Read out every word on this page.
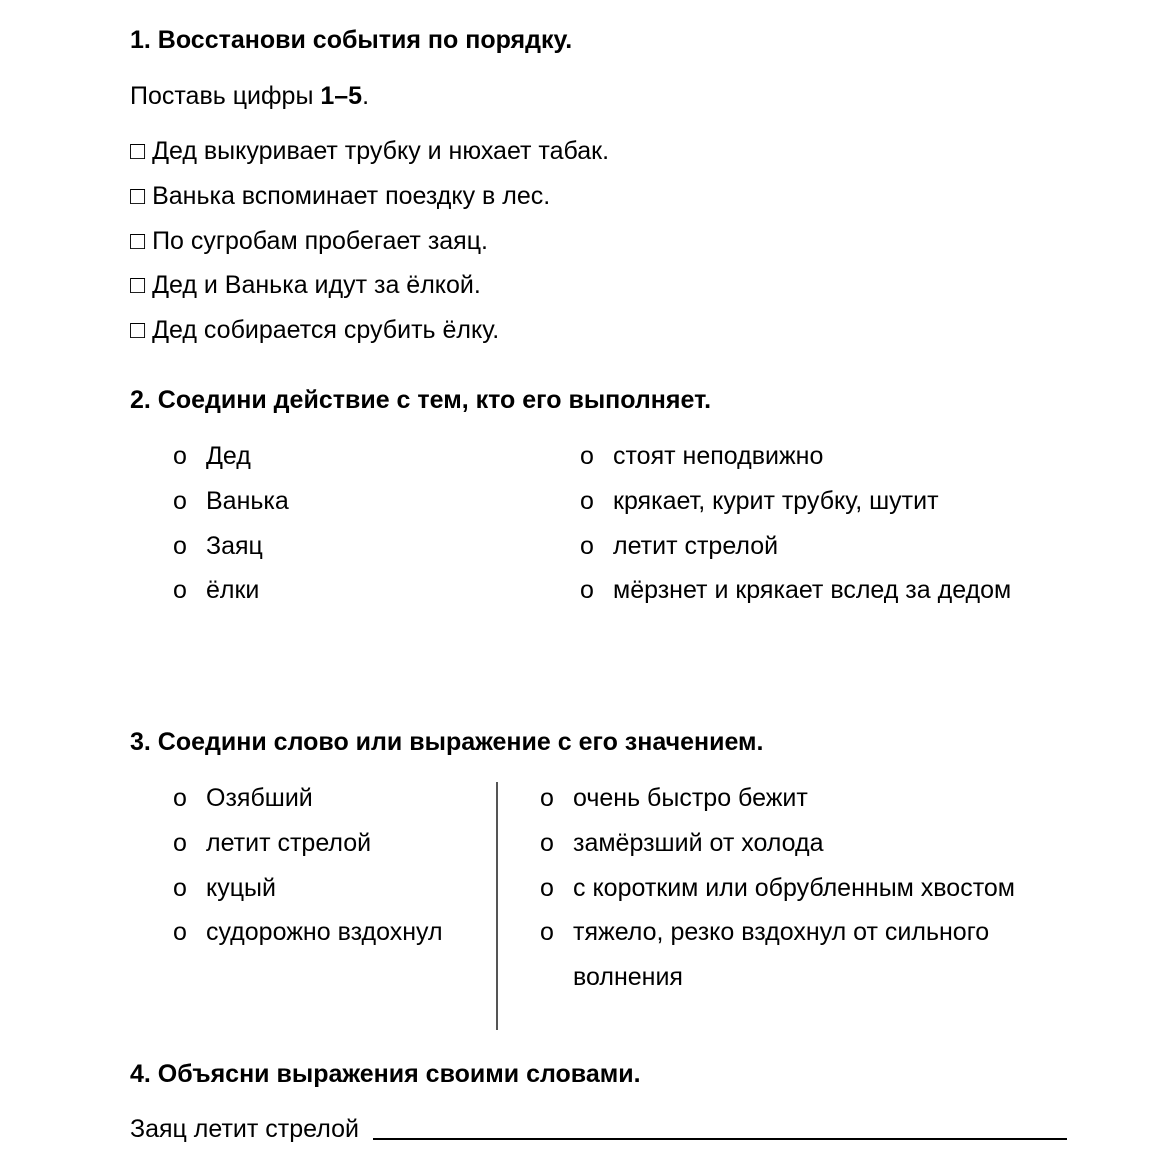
1. Восстанови события по порядку.
Поставь цифры 1–5.
□ Дед выкуривает трубку и нюхает табак.
□ Ванька вспоминает поездку в лес.
□ По сугробам пробегает заяц.
□ Дед и Ванька идут за ёлкой.
□ Дед собирается срубить ёлку.
2. Соедини действие с тем, кто его выполняет.
o Дед
o Ванька
o Заяц
o ёлки
o стоят неподвижно
o крякает, курит трубку, шутит
o летит стрелой
o мёрзнет и крякает вслед за дедом
3. Соедини слово или выражение с его значением.
o Озябший
o летит стрелой
o куцый
o судорожно вздохнул
o очень быстро бежит
o замёрзший от холода
o с коротким или обрубленным хвостом
o тяжело, резко вздохнул от сильного
волнения
4. Объясни выражения своими словами.
Заяц летит стрелой
